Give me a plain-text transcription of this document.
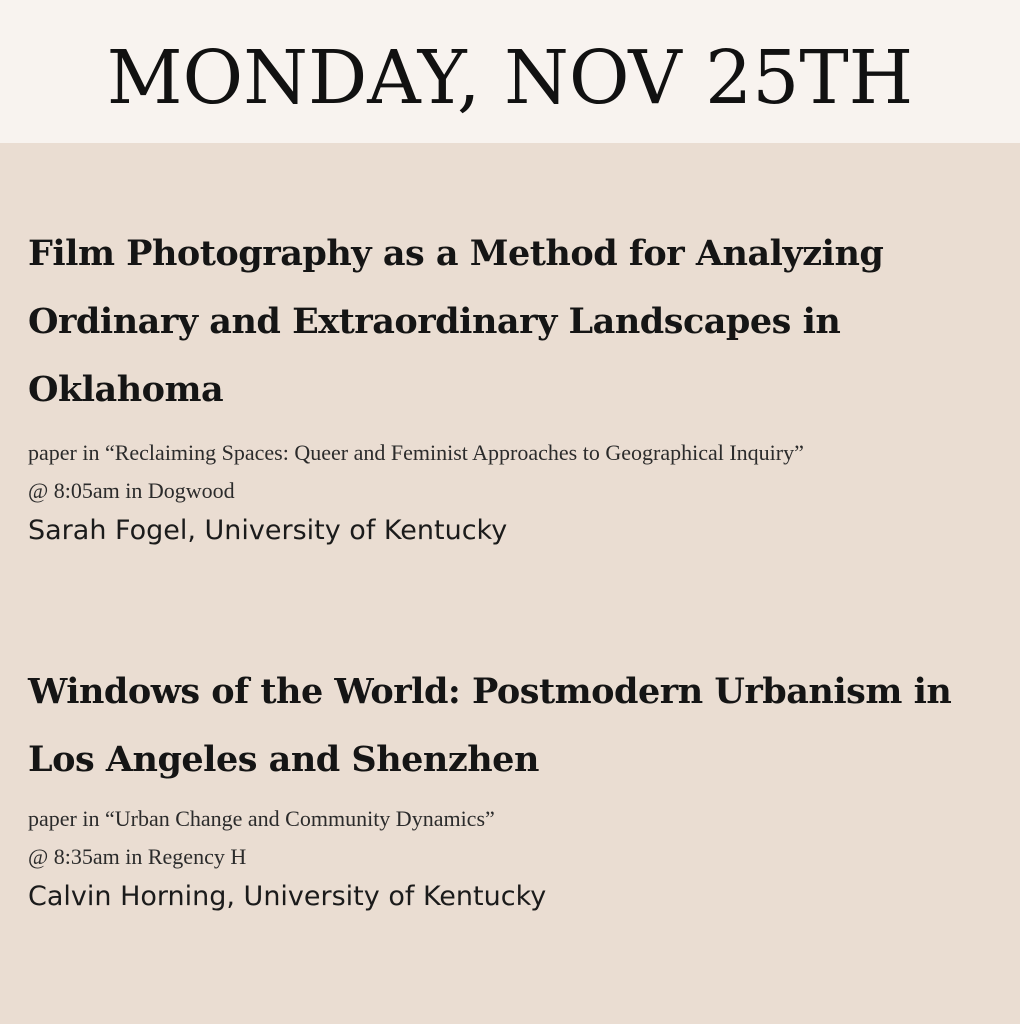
MONDAY, NOV 25TH
Film Photography as a Method for Analyzing Ordinary and Extraordinary Landscapes in Oklahoma

paper in “Reclaiming Spaces: Queer and Feminist Approaches to Geographical Inquiry”

@ 8:05am in Dogwood

Sarah Fogel, University of Kentucky

Windows of the World: Postmodern Urbanism in Los Angeles and Shenzhen

paper in “Urban Change and Community Dynamics”

@ 8:35am in Regency H

Calvin Horning, University of Kentucky
